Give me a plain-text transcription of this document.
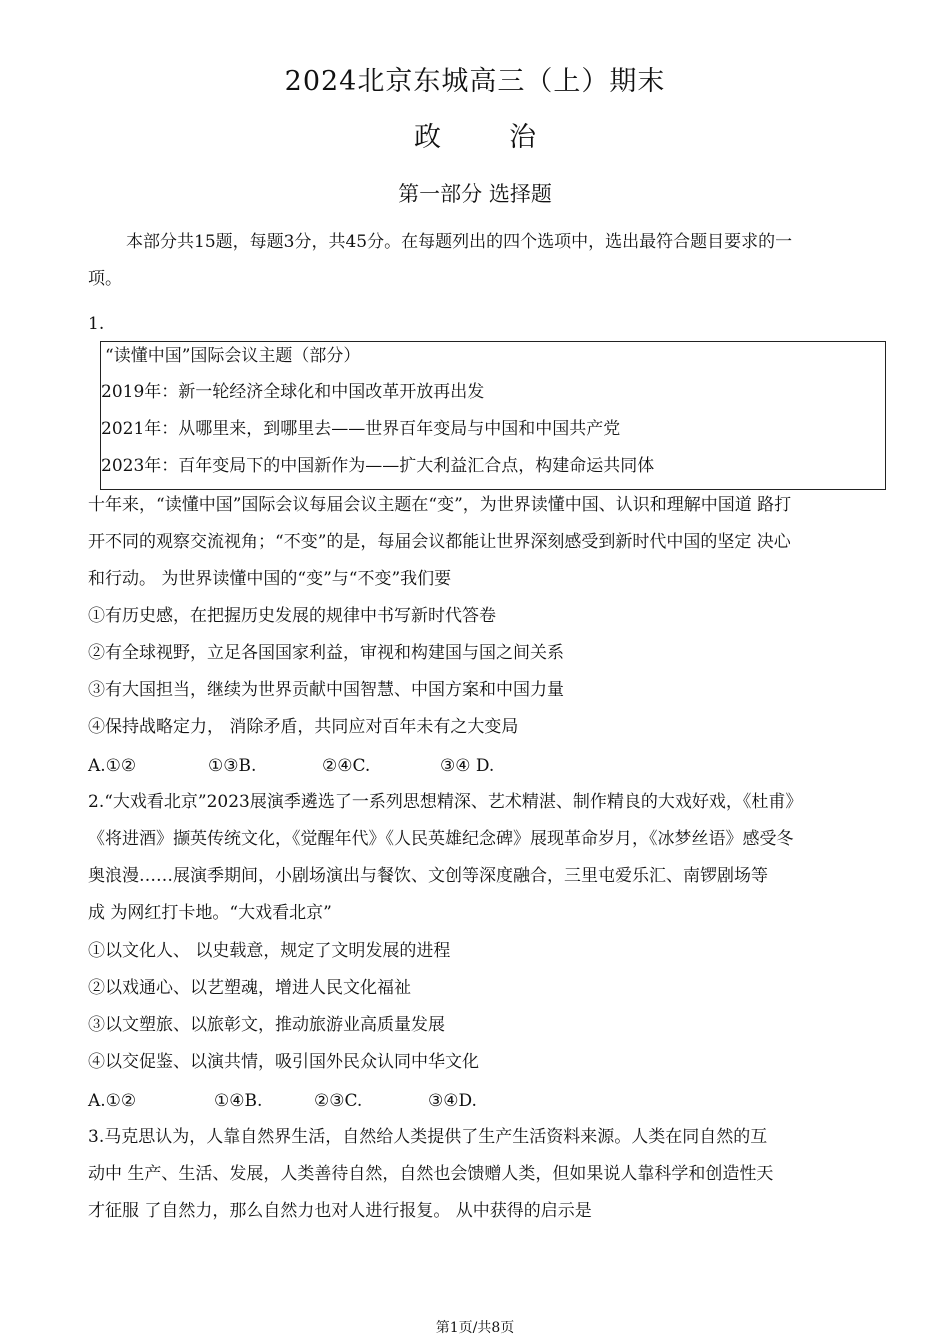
2024北京东城高三（上）期末
政	治
第一部分 选择题
本部分共15题，每题3分，共45分。在每题列出的四个选项中，选出最符合题目要求的一
项。
1.
“读懂中国”国际会议主题（部分）
2019年：新一轮经济全球化和中国改革开放再出发
2021年：从哪里来，到哪里去——世界百年变局与中国和中国共产党
2023年：百年变局下的中国新作为——扩大利益汇合点，构建命运共同体
十年来，“读懂中国”国际会议每届会议主题在“变”，为世界读懂中国、认识和理解中国道 路打
开不同的观察交流视角；“不变”的是，每届会议都能让世界深刻感受到新时代中国的坚定 决心
和行动。 为世界读懂中国的“变”与“不变”我们要
①有历史感，在把握历史发展的规律中书写新时代答卷
②有全球视野，立足各国国家利益，审视和构建国与国之间关系
③有大国担当，继续为世界贡献中国智慧、中国方案和中国力量
④保持战略定力， 消除矛盾，共同应对百年未有之大变局
A.①②	①③B.	②④C.	③④ D.
2.“大戏看北京”2023展演季遴选了一系列思想精深、艺术精湛、制作精良的大戏好戏，《杜甫》
《将进酒》撷英传统文化，《觉醒年代》《人民英雄纪念碑》展现革命岁月，《冰梦丝语》感受冬
奥浪漫……展演季期间，小剧场演出与餐饮、文创等深度融合，三里屯爱乐汇、南锣剧场等
成 为网红打卡地。“大戏看北京”
①以文化人、 以史载意，规定了文明发展的进程
②以戏通心、以艺塑魂，增进人民文化福祉
③以文塑旅、以旅彰文，推动旅游业高质量发展
④以交促鉴、以演共情，吸引国外民众认同中华文化
A.①②	①④B.	②③C.	③④D.
3.马克思认为，人靠自然界生活，自然给人类提供了生产生活资料来源。人类在同自然的互
动中 生产、生活、发展，人类善待自然，自然也会馈赠人类，但如果说人靠科学和创造性天
才征服 了自然力，那么自然力也对人进行报复。 从中获得的启示是
第1页/共8页
